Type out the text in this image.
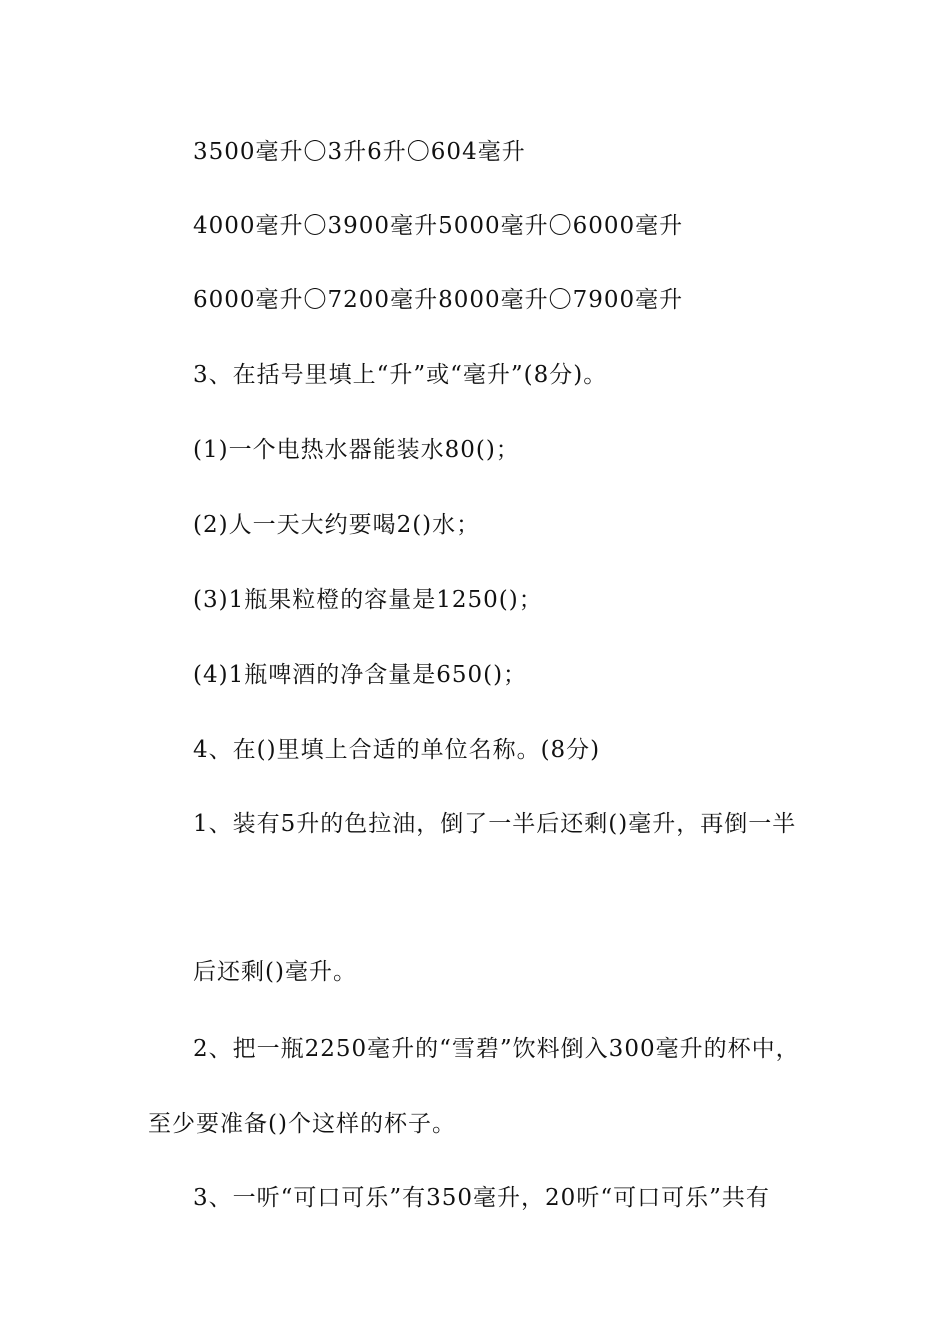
3500毫升〇3升6升〇604毫升
4000毫升〇3900毫升5000毫升〇6000毫升
6000毫升〇7200毫升8000毫升〇7900毫升
3、在括号里填上“升”或“毫升”(8分)。
(1)一个电热水器能装水80()；
(2)人一天大约要喝2()水；
(3)1瓶果粒橙的容量是1250()；
(4)1瓶啤酒的净含量是650()；
4、在()里填上合适的单位名称。(8分)
1、装有5升的色拉油，倒了一半后还剩()毫升，再倒一半
后还剩()毫升。
2、把一瓶2250毫升的“雪碧”饮料倒入300毫升的杯中，
至少要准备()个这样的杯子。
3、一听“可口可乐”有350毫升，20听“可口可乐”共有
